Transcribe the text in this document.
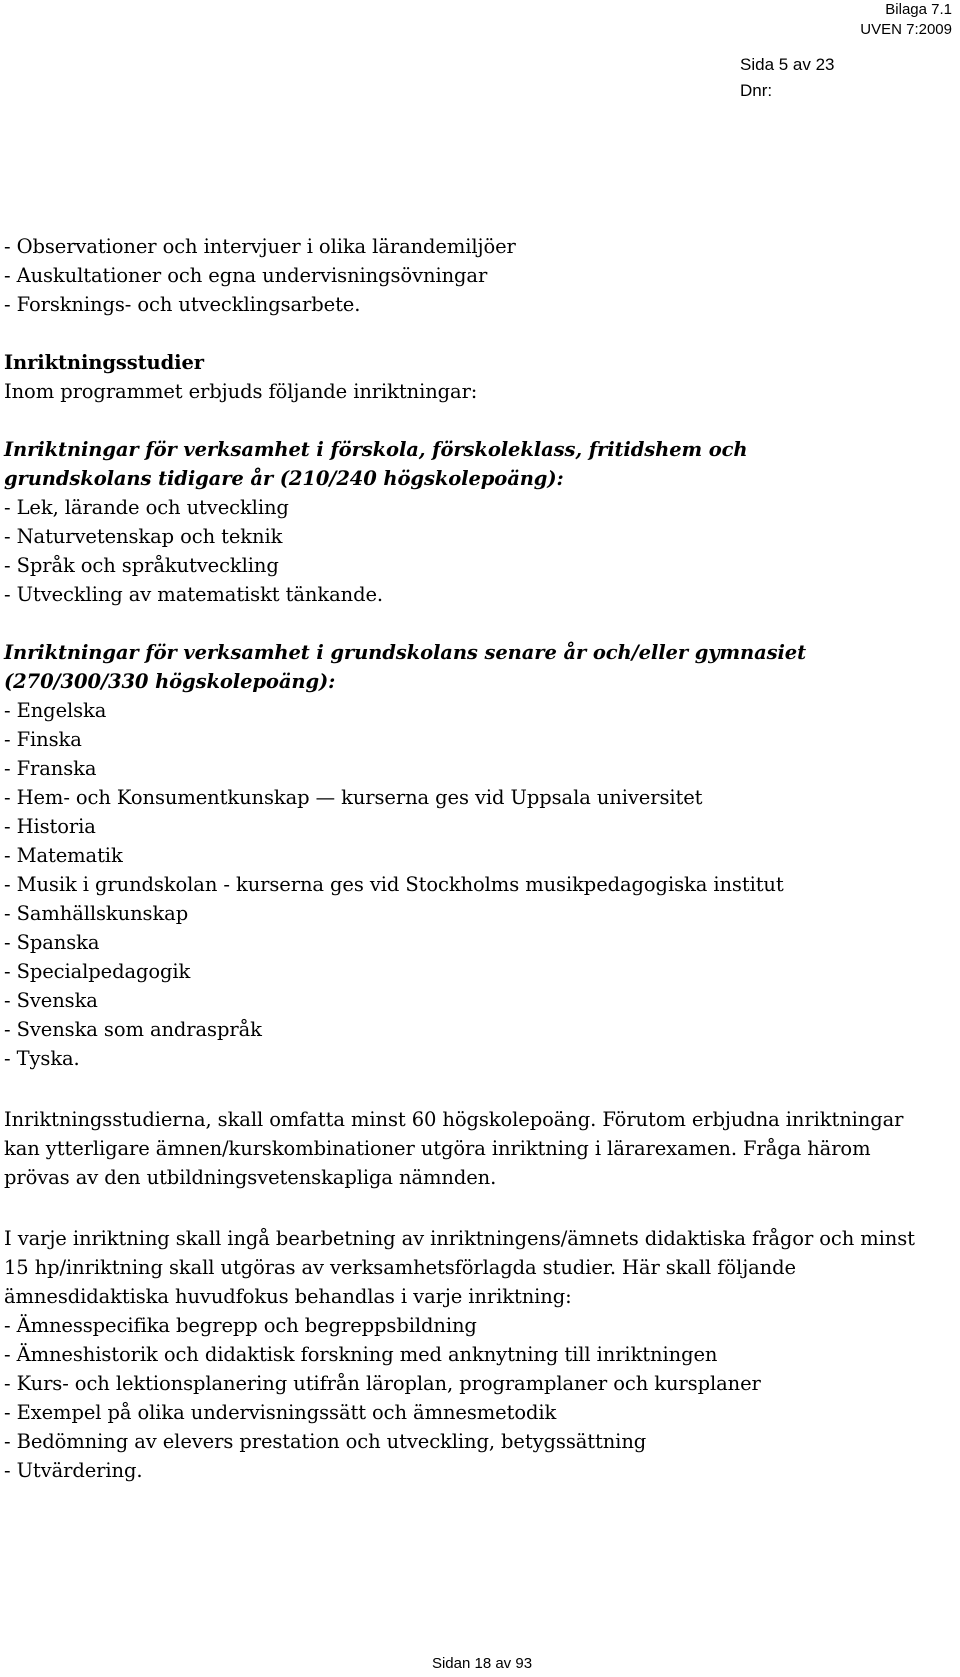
Bilaga 7.1
UVEN 7:2009
Sida 5 av 23
Dnr:
- Observationer och intervjuer i olika lärandemiljöer
- Auskultationer och egna undervisningsövningar
- Forsknings- och utvecklingsarbete.
Inriktningsstudier
Inom programmet erbjuds följande inriktningar:
Inriktningar för verksamhet i förskola, förskoleklass, fritidshem och
grundskolans tidigare år (210/240 högskolepoäng):
- Lek, lärande och utveckling
- Naturvetenskap och teknik
- Språk och språkutveckling
- Utveckling av matematiskt tänkande.
Inriktningar för verksamhet i grundskolans senare år och/eller gymnasiet
(270/300/330 högskolepoäng):
- Engelska
- Finska
- Franska
- Hem- och Konsumentkunskap — kurserna ges vid Uppsala universitet
- Historia
- Matematik
- Musik i grundskolan - kurserna ges vid Stockholms musikpedagogiska institut
- Samhällskunskap
- Spanska
- Specialpedagogik
- Svenska
- Svenska som andraspråk
- Tyska.
Inriktningsstudierna, skall omfatta minst 60 högskolepoäng. Förutom erbjudna inriktningar
kan ytterligare ämnen/kurskombinationer utgöra inriktning i lärarexamen. Fråga härom
prövas av den utbildningsvetenskapliga nämnden.
I varje inriktning skall ingå bearbetning av inriktningens/ämnets didaktiska frågor och minst
15 hp/inriktning skall utgöras av verksamhetsförlagda studier. Här skall följande
ämnesdidaktiska huvudfokus behandlas i varje inriktning:
- Ämnesspecifika begrepp och begreppsbildning
- Ämneshistorik och didaktisk forskning med anknytning till inriktningen
- Kurs- och lektionsplanering utifrån läroplan, programplaner och kursplaner
- Exempel på olika undervisningssätt och ämnesmetodik
- Bedömning av elevers prestation och utveckling, betygssättning
- Utvärdering.
Sidan 18 av 93
